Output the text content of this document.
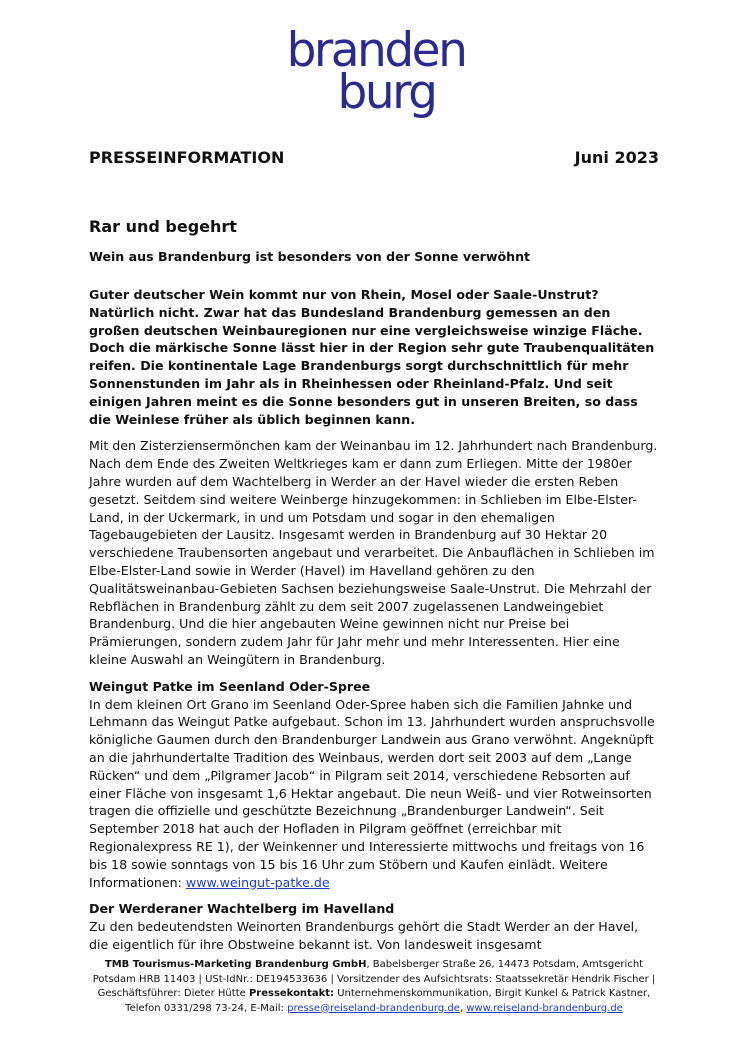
branden
burg
PRESSEINFORMATION	Juni 2023
Rar und begehrt
Wein aus Brandenburg ist besonders von der Sonne verwöhnt

Guter deutscher Wein kommt nur von Rhein, Mosel oder Saale-Unstrut? Natürlich nicht. Zwar hat das Bundesland Brandenburg gemessen an den großen deutschen Weinbauregionen nur eine vergleichsweise winzige Fläche. Doch die märkische Sonne lässt hier in der Region sehr gute Traubenqualitäten reifen. Die kontinentale Lage Brandenburgs sorgt durchschnittlich für mehr Sonnenstunden im Jahr als in Rheinhessen oder Rheinland-Pfalz. Und seit einigen Jahren meint es die Sonne besonders gut in unseren Breiten, so dass die Weinlese früher als üblich beginnen kann.

Mit den Zisterziensermönchen kam der Weinanbau im 12. Jahrhundert nach Brandenburg. Nach dem Ende des Zweiten Weltkrieges kam er dann zum Erliegen. Mitte der 1980er Jahre wurden auf dem Wachtelberg in Werder an der Havel wieder die ersten Reben gesetzt. Seitdem sind weitere Weinberge hinzugekommen: in Schlieben im Elbe-Elster-Land, in der Uckermark, in und um Potsdam und sogar in den ehemaligen Tagebaugebieten der Lausitz. Insgesamt werden in Brandenburg auf 30 Hektar 20 verschiedene Traubensorten angebaut und verarbeitet. Die Anbauflächen in Schlieben im Elbe-Elster-Land sowie in Werder (Havel) im Havelland gehören zu den Qualitätsweinanbau-Gebieten Sachsen beziehungsweise Saale-Unstrut. Die Mehrzahl der Rebflächen in Brandenburg zählt zu dem seit 2007 zugelassenen Landweingebiet Brandenburg. Und die hier angebauten Weine gewinnen nicht nur Preise bei Prämierungen, sondern zudem Jahr für Jahr mehr und mehr Interessenten. Hier eine kleine Auswahl an Weingütern in Brandenburg.

Weingut Patke im Seenland Oder-Spree

In dem kleinen Ort Grano im Seenland Oder-Spree haben sich die Familien Jahnke und Lehmann das Weingut Patke aufgebaut. Schon im 13. Jahrhundert wurden anspruchsvolle königliche Gaumen durch den Brandenburger Landwein aus Grano verwöhnt. Angeknüpft an die jahrhundertalte Tradition des Weinbaus, werden dort seit 2003 auf dem „Lange Rücken“ und dem „Pilgramer Jacob“ in Pilgram seit 2014, verschiedene Rebsorten auf einer Fläche von insgesamt 1,6 Hektar angebaut. Die neun Weiß- und vier Rotweinsorten tragen die offizielle und geschützte Bezeichnung „Brandenburger Landwein“. Seit September 2018 hat auch der Hofladen in Pilgram geöffnet (erreichbar mit Regionalexpress RE 1), der Weinkenner und Interessierte mittwochs und freitags von 16 bis 18 sowie sonntags von 15 bis 16 Uhr zum Stöbern und Kaufen einlädt. Weitere Informationen: www.weingut-patke.de

Der Werderaner Wachtelberg im Havelland

Zu den bedeutendsten Weinorten Brandenburgs gehört die Stadt Werder an der Havel, die eigentlich für ihre Obstweine bekannt ist. Von landesweit insgesamt

TMB Tourismus-Marketing Brandenburg GmbH, Babelsberger Straße 26, 14473 Potsdam, Amtsgericht Potsdam HRB 11403 | USt-IdNr.: DE194533636 | Vorsitzender des Aufsichtsrats: Staatssekretär Hendrik Fischer | Geschäftsführer: Dieter Hütte Pressekontakt: Unternehmenskommunikation, Birgit Kunkel & Patrick Kastner, Telefon 0331/298 73-24, E-Mail: presse@reiseland-brandenburg.de, www.reiseland-brandenburg.de
